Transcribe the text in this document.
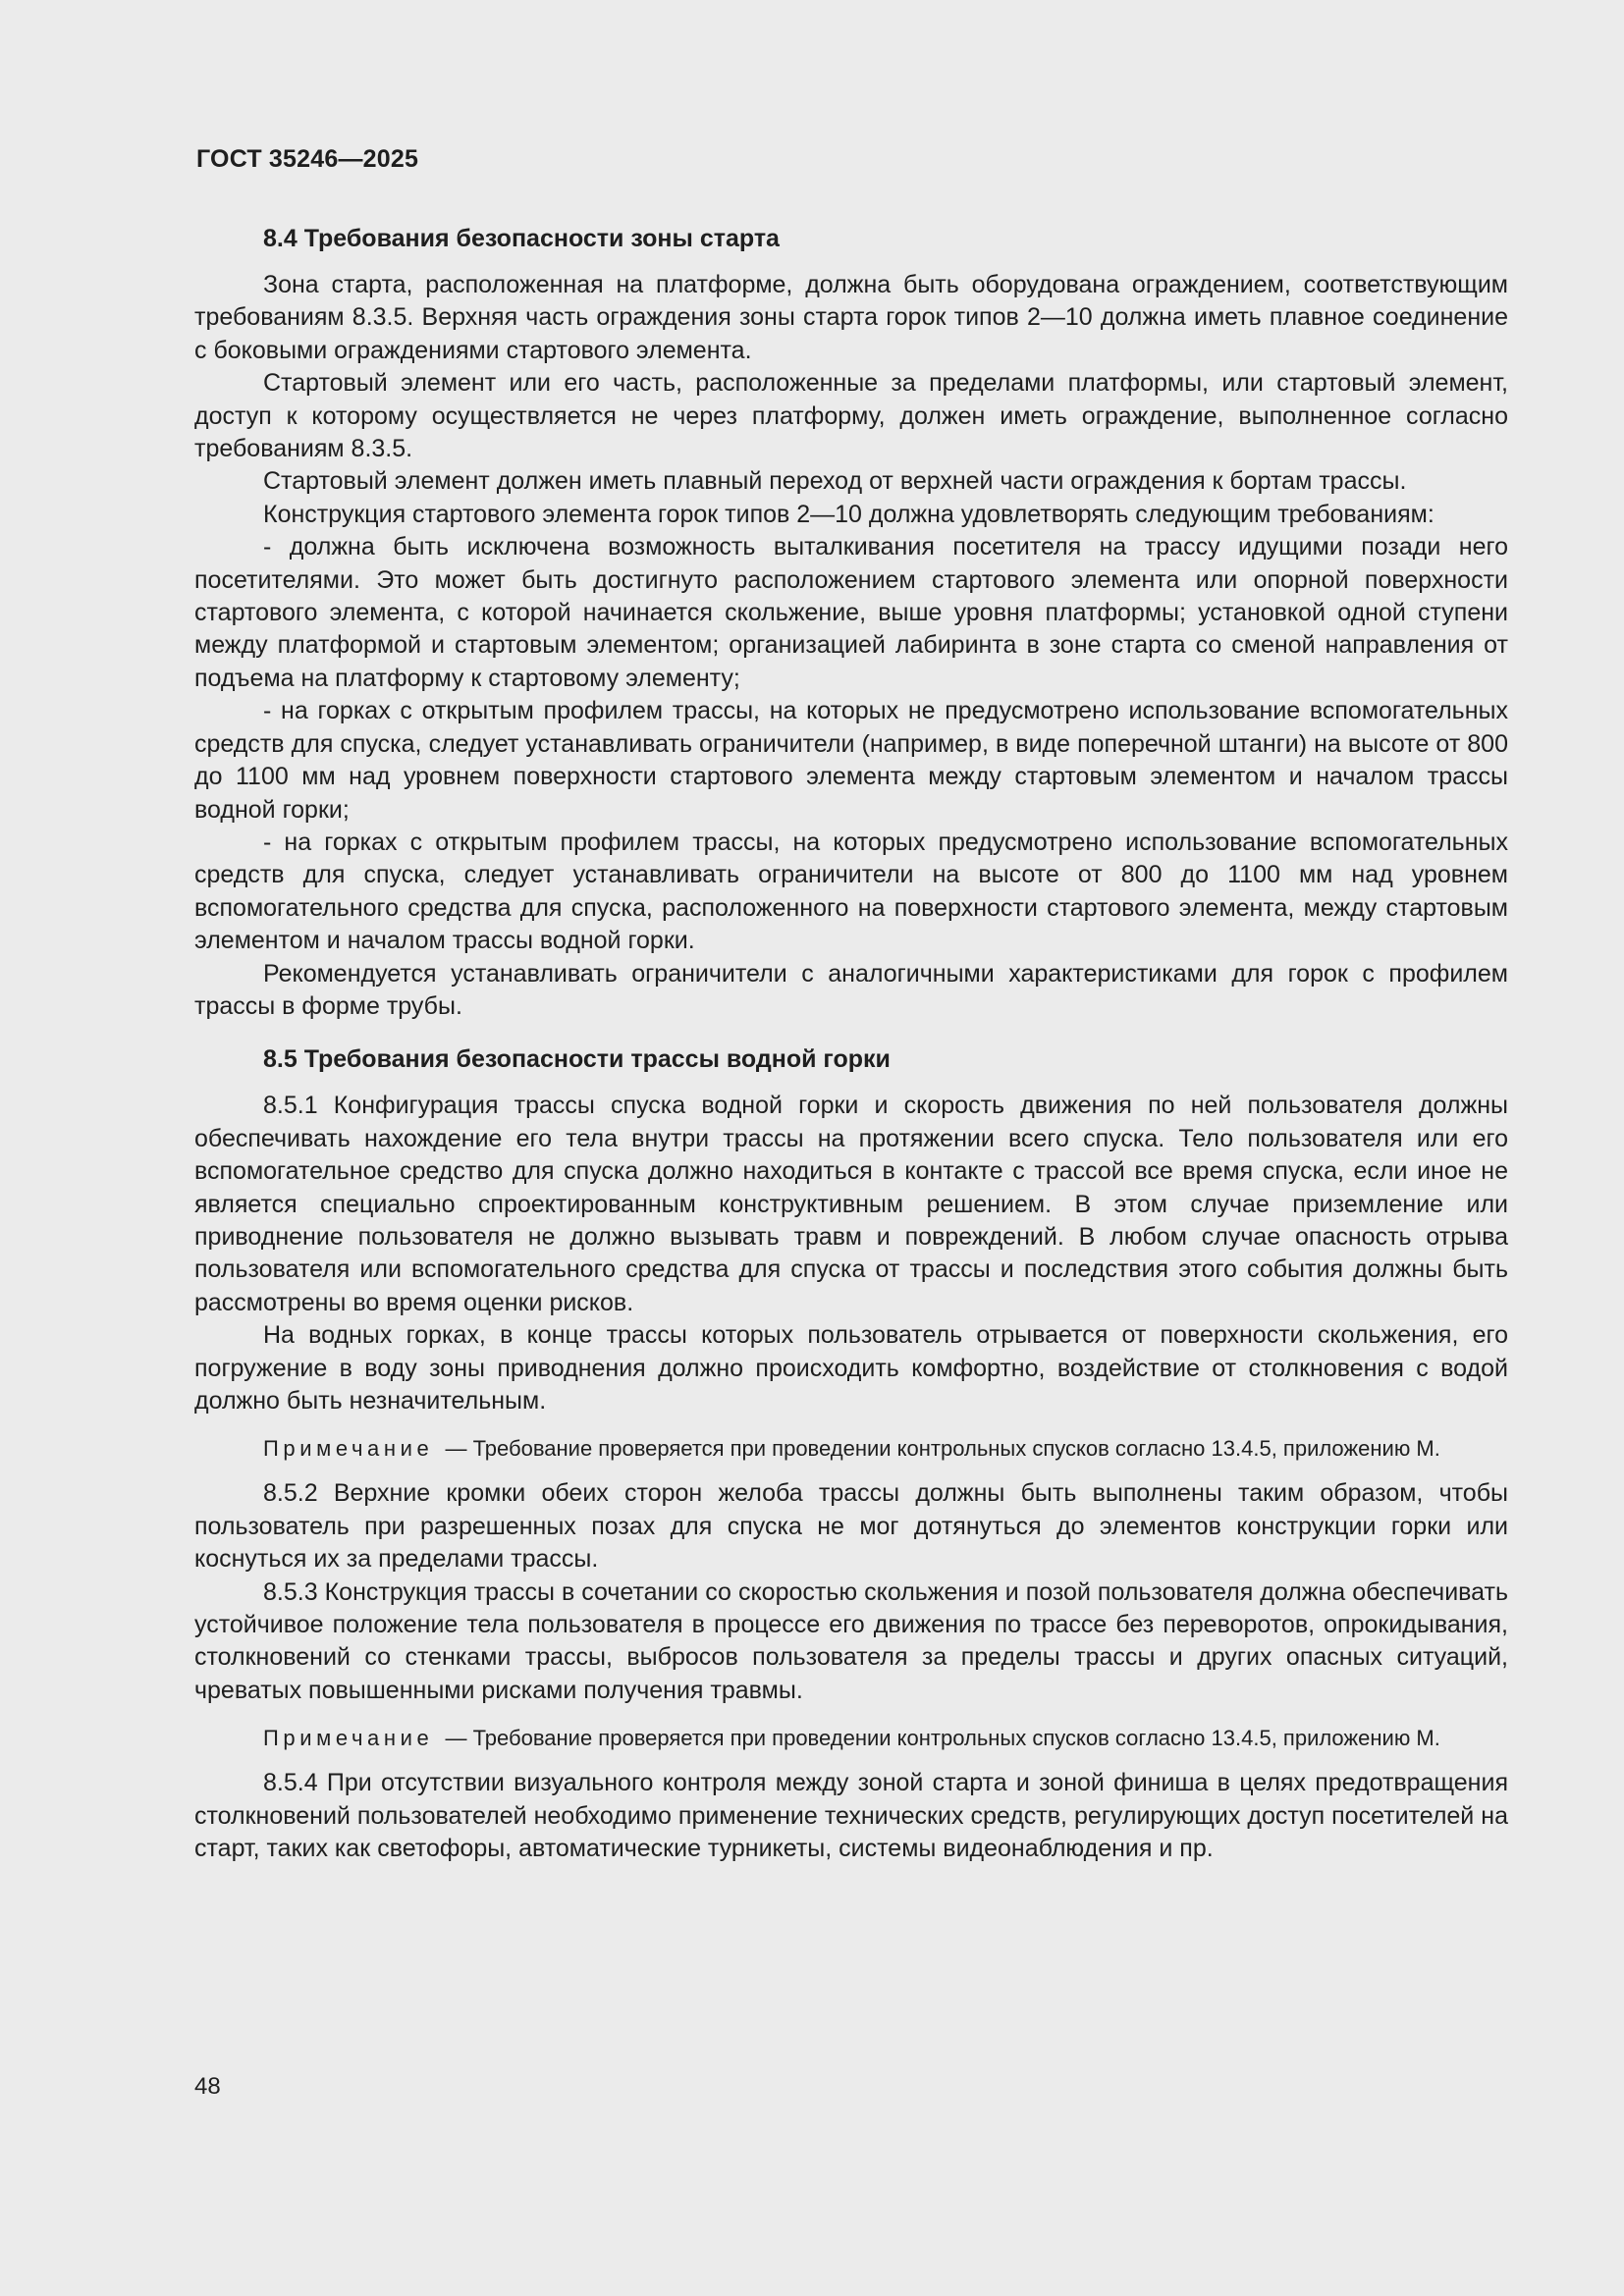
ГОСТ 35246—2025
8.4 Требования безопасности зоны старта

Зона старта, расположенная на платформе, должна быть оборудована ограждением, соответствующим требованиям 8.3.5. Верхняя часть ограждения зоны старта горок типов 2—10 должна иметь плавное соединение с боковыми ограждениями стартового элемента.

Стартовый элемент или его часть, расположенные за пределами платформы, или стартовый элемент, доступ к которому осуществляется не через платформу, должен иметь ограждение, выполненное согласно требованиям 8.3.5.

Стартовый элемент должен иметь плавный переход от верхней части ограждения к бортам трассы.

Конструкция стартового элемента горок типов 2—10 должна удовлетворять следующим требованиям:

- должна быть исключена возможность выталкивания посетителя на трассу идущими позади него посетителями. Это может быть достигнуто расположением стартового элемента или опорной поверхности стартового элемента, с которой начинается скольжение, выше уровня платформы; установкой одной ступени между платформой и стартовым элементом; организацией лабиринта в зоне старта со сменой направления от подъема на платформу к стартовому элементу;

- на горках с открытым профилем трассы, на которых не предусмотрено использование вспомогательных средств для спуска, следует устанавливать ограничители (например, в виде поперечной штанги) на высоте от 800 до 1100 мм над уровнем поверхности стартового элемента между стартовым элементом и началом трассы водной горки;

- на горках с открытым профилем трассы, на которых предусмотрено использование вспомогательных средств для спуска, следует устанавливать ограничители на высоте от 800 до 1100 мм над уровнем вспомогательного средства для спуска, расположенного на поверхности стартового элемента, между стартовым элементом и началом трассы водной горки.

Рекомендуется устанавливать ограничители с аналогичными характеристиками для горок с профилем трассы в форме трубы.

8.5 Требования безопасности трассы водной горки

8.5.1 Конфигурация трассы спуска водной горки и скорость движения по ней пользователя должны обеспечивать нахождение его тела внутри трассы на протяжении всего спуска. Тело пользователя или его вспомогательное средство для спуска должно находиться в контакте с трассой все время спуска, если иное не является специально спроектированным конструктивным решением. В этом случае приземление или приводнение пользователя не должно вызывать травм и повреждений. В любом случае опасность отрыва пользователя или вспомогательного средства для спуска от трассы и последствия этого события должны быть рассмотрены во время оценки рисков.

На водных горках, в конце трассы которых пользователь отрывается от поверхности скольжения, его погружение в воду зоны приводнения должно происходить комфортно, воздействие от столкновения с водой должно быть незначительным.

Примечание — Требование проверяется при проведении контрольных спусков согласно 13.4.5, приложению М.

8.5.2 Верхние кромки обеих сторон желоба трассы должны быть выполнены таким образом, чтобы пользователь при разрешенных позах для спуска не мог дотянуться до элементов конструкции горки или коснуться их за пределами трассы.

8.5.3 Конструкция трассы в сочетании со скоростью скольжения и позой пользователя должна обеспечивать устойчивое положение тела пользователя в процессе его движения по трассе без переворотов, опрокидывания, столкновений со стенками трассы, выбросов пользователя за пределы трассы и других опасных ситуаций, чреватых повышенными рисками получения травмы.

Примечание — Требование проверяется при проведении контрольных спусков согласно 13.4.5, приложению М.

8.5.4 При отсутствии визуального контроля между зоной старта и зоной финиша в целях предотвращения столкновений пользователей необходимо применение технических средств, регулирующих доступ посетителей на старт, таких как светофоры, автоматические турникеты, системы видеонаблюдения и пр.

48
